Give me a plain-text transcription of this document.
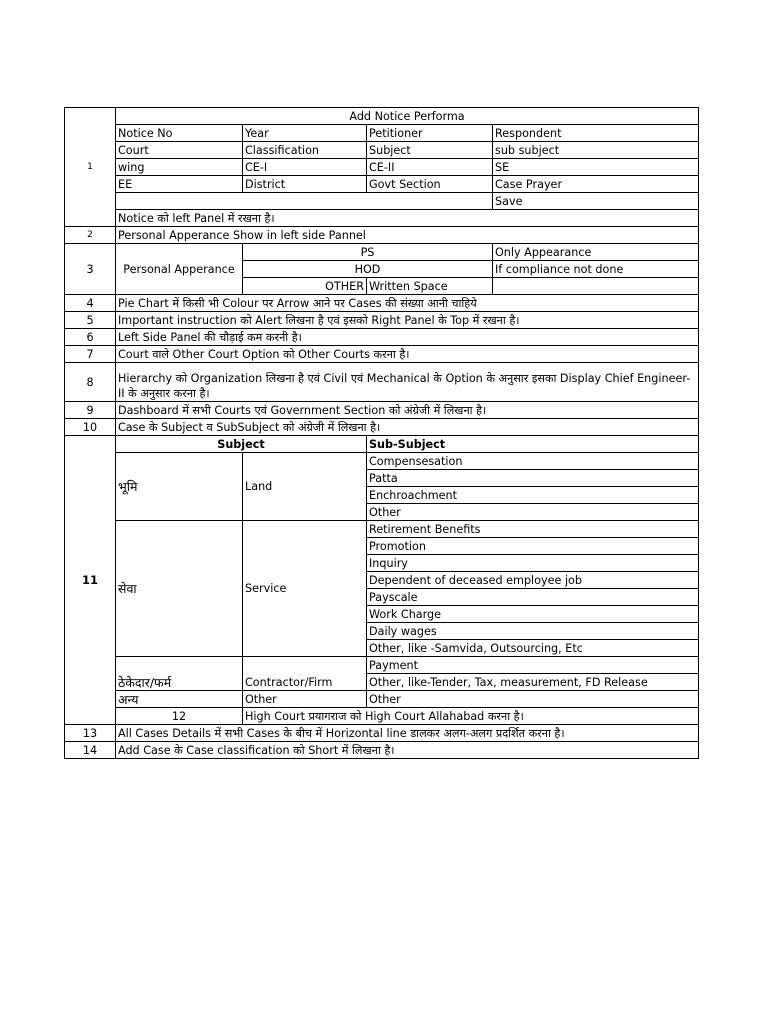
1	Add Notice Performa			
	Notice No	Year	Petitioner	Respondent
	Court	Classification	Subject	sub subject
	wing	CE-I	CE-II	SE
	EE	District	Govt Section	Case Prayer
				Save
	Notice को left Panel में रखना है।			
2	Personal Apperance Show in left side Pannel			
3	Personal Apperance	PS		Only Appearance
		HOD		If compliance not done
		OTHER	Written Space	
4	Pie Chart में किसी भी Colour पर Arrow आने पर Cases की संख्या आनी चाहिये			
5	Important instruction को Alert लिखना है एवं इसको Right Panel के Top में रखना है।			
6	Left Side Panel की चौड़ाई कम करनी है।			
7	Court वाले Other Court Option को Other Courts करना है।			
8	Hierarchy को Organization लिखना है एवं Civil एवं Mechanical के Option के अनुसार इसका Display Chief Engineer-II के अनुसार करना है।			
9	Dashboard में सभी Courts एवं Government Section को अंग्रेजी में लिखना है।			
10	Case के Subject व SubSubject को अंग्रेजी में लिखना है।			
11	Subject		Sub-Subject	
	भूमि	Land	Compensesation	
			Patta	
			Enchroachment	
			Other	
	सेवा	Service	Retirement Benefits	
			Promotion	
			Inquiry	
			Dependent of deceased employee job	
			Payscale	
			Work Charge	
			Daily wages	
			Other, like -Samvida, Outsourcing, Etc	
	ठेकेदार/फर्म	Contractor/Firm	Payment	
			Other, like-Tender, Tax, measurement, FD Release	
	अन्य	Other	Other	
	12	High Court प्रयागराज को High Court Allahabad करना है।		
13	All Cases Details में सभी Cases के बीच में Horizontal line डालकर अलग-अलग प्रदर्शित करना है।			
14	Add Case के Case classification को Short में लिखना है।			
